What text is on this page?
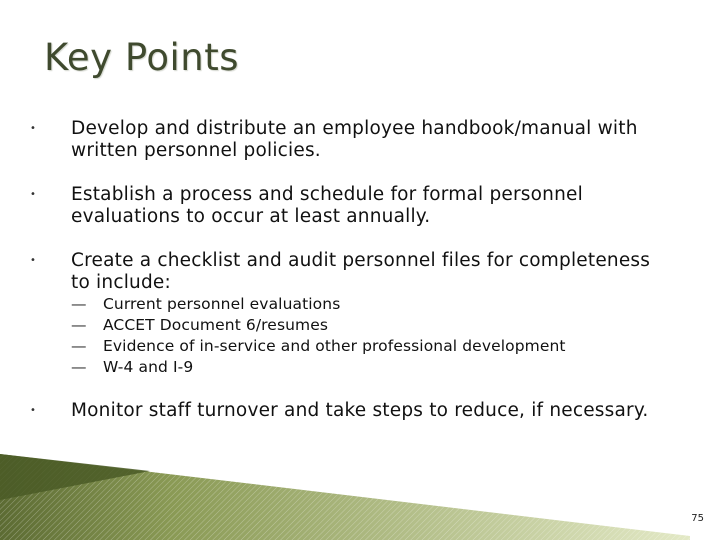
Key Points
• Develop and distribute an employee handbook/manual with written personnel policies.
• Establish a process and schedule for formal personnel evaluations to occur at least annually.
• Create a checklist and audit personnel files for completeness to include:
— Current personnel evaluations
— ACCET Document 6/resumes
— Evidence of in-service and other professional development
— W-4 and I-9
• Monitor staff turnover and take steps to reduce, if necessary.
75
